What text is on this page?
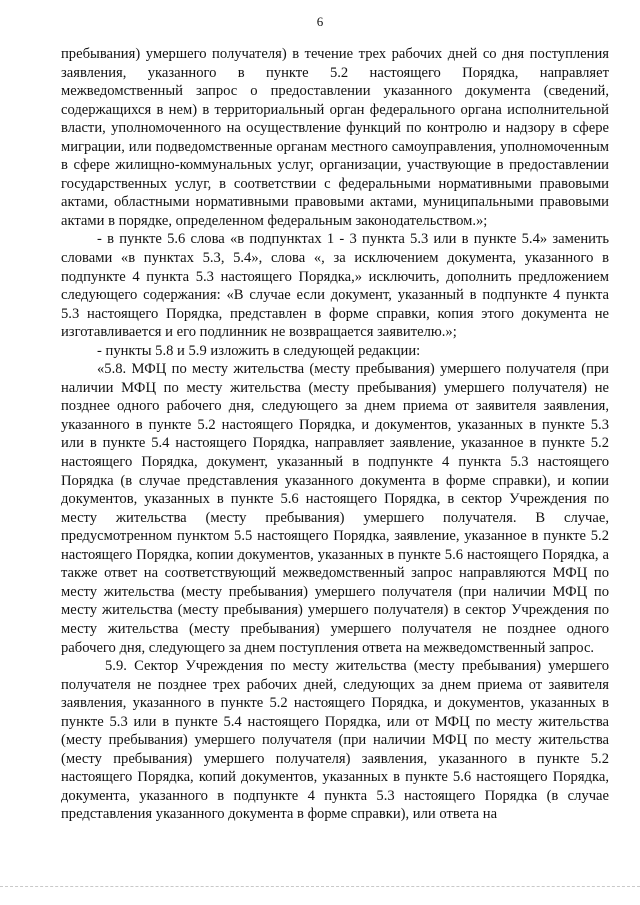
6

пребывания) умершего получателя) в течение трех рабочих дней со дня поступления заявления, указанного в пункте 5.2 настоящего Порядка, направляет межведомственный запрос о предоставлении указанного документа (сведений, содержащихся в нем) в территориальный орган федерального органа исполнительной власти, уполномоченного на осуществление функций по контролю и надзору в сфере миграции, или подведомственные органам местного самоуправления, уполномоченным в сфере жилищно-коммунальных услуг, организации, участвующие в предоставлении государственных услуг, в соответствии с федеральными нормативными правовыми актами, областными нормативными правовыми актами, муниципальными правовыми актами в порядке, определенном федеральным законодательством.»;

- в пункте 5.6 слова «в подпунктах 1 - 3 пункта 5.3 или в пункте 5.4» заменить словами «в пунктах 5.3, 5.4», слова «, за исключением документа, указанного в подпункте 4 пункта 5.3 настоящего Порядка,» исключить, дополнить предложением следующего содержания: «В случае если документ, указанный в подпункте 4 пункта 5.3 настоящего Порядка, представлен в форме справки, копия этого документа не изготавливается и его подлинник не возвращается заявителю.»;

- пункты 5.8 и 5.9 изложить в следующей редакции:

«5.8. МФЦ по месту жительства (месту пребывания) умершего получателя (при наличии МФЦ по месту жительства (месту пребывания) умершего получателя) не позднее одного рабочего дня, следующего за днем приема от заявителя заявления, указанного в пункте 5.2 настоящего Порядка, и документов, указанных в пункте 5.3 или в пункте 5.4 настоящего Порядка, направляет заявление, указанное в пункте 5.2 настоящего Порядка, документ, указанный в подпункте 4 пункта 5.3 настоящего Порядка (в случае представления указанного документа в форме справки), и копии документов, указанных в пункте 5.6 настоящего Порядка, в сектор Учреждения по месту жительства (месту пребывания) умершего получателя. В случае, предусмотренном пунктом 5.5 настоящего Порядка, заявление, указанное в пункте 5.2 настоящего Порядка, копии документов, указанных в пункте 5.6 настоящего Порядка, а также ответ на соответствующий межведомственный запрос направляются МФЦ по месту жительства (месту пребывания) умершего получателя (при наличии МФЦ по месту жительства (месту пребывания) умершего получателя) в сектор Учреждения по месту жительства (месту пребывания) умершего получателя не позднее одного рабочего дня, следующего за днем поступления ответа на межведомственный запрос.

5.9. Сектор Учреждения по месту жительства (месту пребывания) умершего получателя не позднее трех рабочих дней, следующих за днем приема от заявителя заявления, указанного в пункте 5.2 настоящего Порядка, и документов, указанных в пункте 5.3 или в пункте 5.4 настоящего Порядка, или от МФЦ по месту жительства (месту пребывания) умершего получателя (при наличии МФЦ по месту жительства (месту пребывания) умершего получателя) заявления, указанного в пункте 5.2 настоящего Порядка, копий документов, указанных в пункте 5.6 настоящего Порядка, документа, указанного в подпункте 4 пункта 5.3 настоящего Порядка (в случае представления указанного документа в форме справки), или ответа на
